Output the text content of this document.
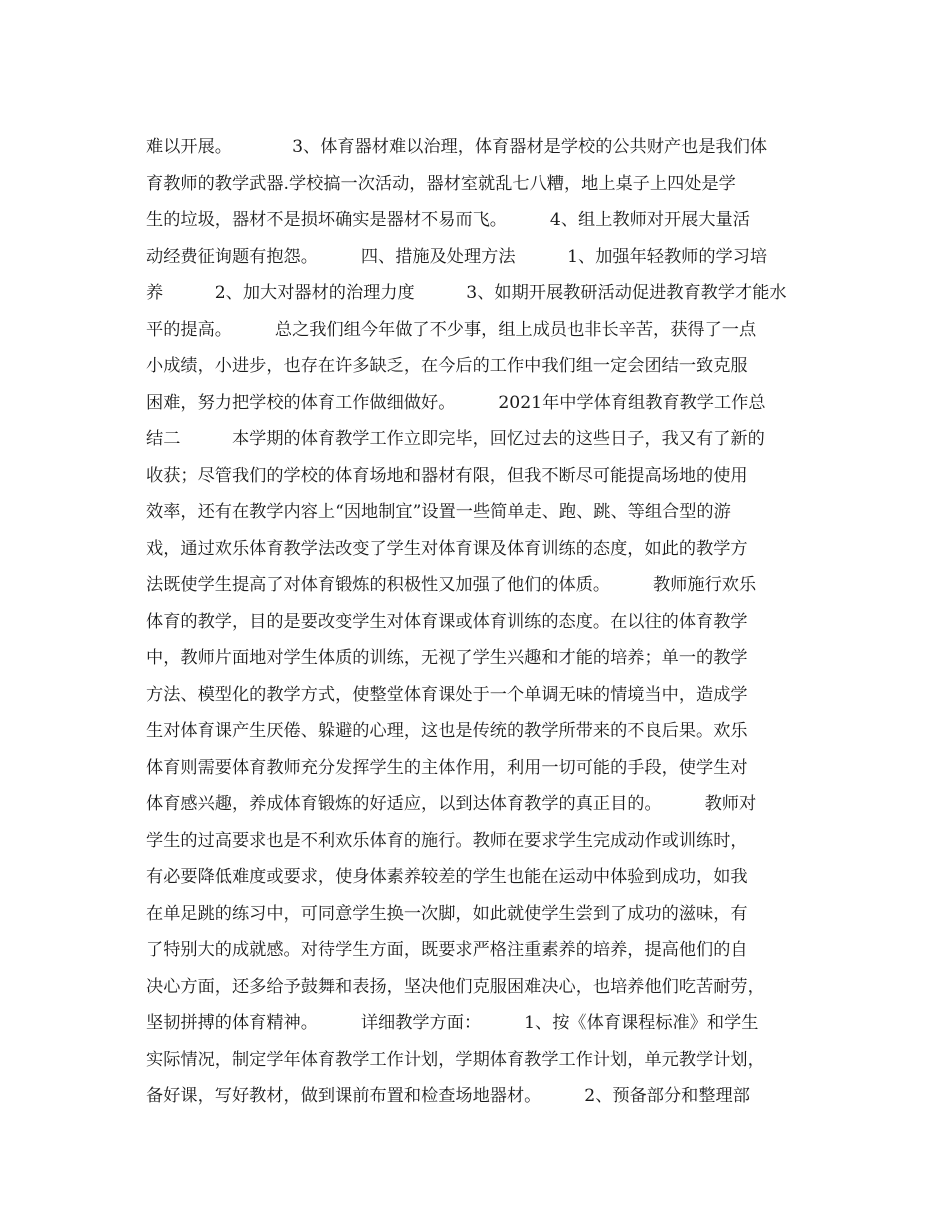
难以开展。　　　　3、体育器材难以治理，体育器材是学校的公共财产也是我们体
育教师的教学武器.学校搞一次活动，器材室就乱七八糟，地上桌子上四处是学
生的垃圾，器材不是损坏确实是器材不易而飞。　　　4、组上教师对开展大量活
动经费征询题有抱怨。　　　四、措施及处理方法　　　1、加强年轻教师的学习培
养　　　2、加大对器材的治理力度　　　3、如期开展教研活动促进教育教学才能水
平的提高。　　　总之我们组今年做了不少事，组上成员也非长辛苦，获得了一点
小成绩，小进步，也存在许多缺乏，在今后的工作中我们组一定会团结一致克服
困难，努力把学校的体育工作做细做好。　　　2021年中学体育组教育教学工作总
结二　　　本学期的体育教学工作立即完毕，回忆过去的这些日子，我又有了新的
收获；尽管我们的学校的体育场地和器材有限，但我不断尽可能提高场地的使用
效率，还有在教学内容上“因地制宜”设置一些简单走、跑、跳、等组合型的游
戏，通过欢乐体育教学法改变了学生对体育课及体育训练的态度，如此的教学方
法既使学生提高了对体育锻炼的积极性又加强了他们的体质。　　　教师施行欢乐
体育的教学，目的是要改变学生对体育课或体育训练的态度。在以往的体育教学
中，教师片面地对学生体质的训练，无视了学生兴趣和才能的培养；单一的教学
方法、模型化的教学方式，使整堂体育课处于一个单调无味的情境当中，造成学
生对体育课产生厌倦、躲避的心理，这也是传统的教学所带来的不良后果。欢乐
体育则需要体育教师充分发挥学生的主体作用，利用一切可能的手段，使学生对
体育感兴趣，养成体育锻炼的好适应，以到达体育教学的真正目的。　　　教师对
学生的过高要求也是不利欢乐体育的施行。教师在要求学生完成动作或训练时，
有必要降低难度或要求，使身体素养较差的学生也能在运动中体验到成功，如我
在单足跳的练习中，可同意学生换一次脚，如此就使学生尝到了成功的滋味，有
了特别大的成就感。对待学生方面，既要求严格注重素养的培养，提高他们的自
决心方面，还多给予鼓舞和表扬，坚决他们克服困难决心，也培养他们吃苦耐劳，
坚韧拼搏的体育精神。　　　详细教学方面：　　　1、按《体育课程标准》和学生
实际情况，制定学年体育教学工作计划，学期体育教学工作计划，单元教学计划，
备好课，写好教材，做到课前布置和检查场地器材。　　　2、预备部分和整理部
